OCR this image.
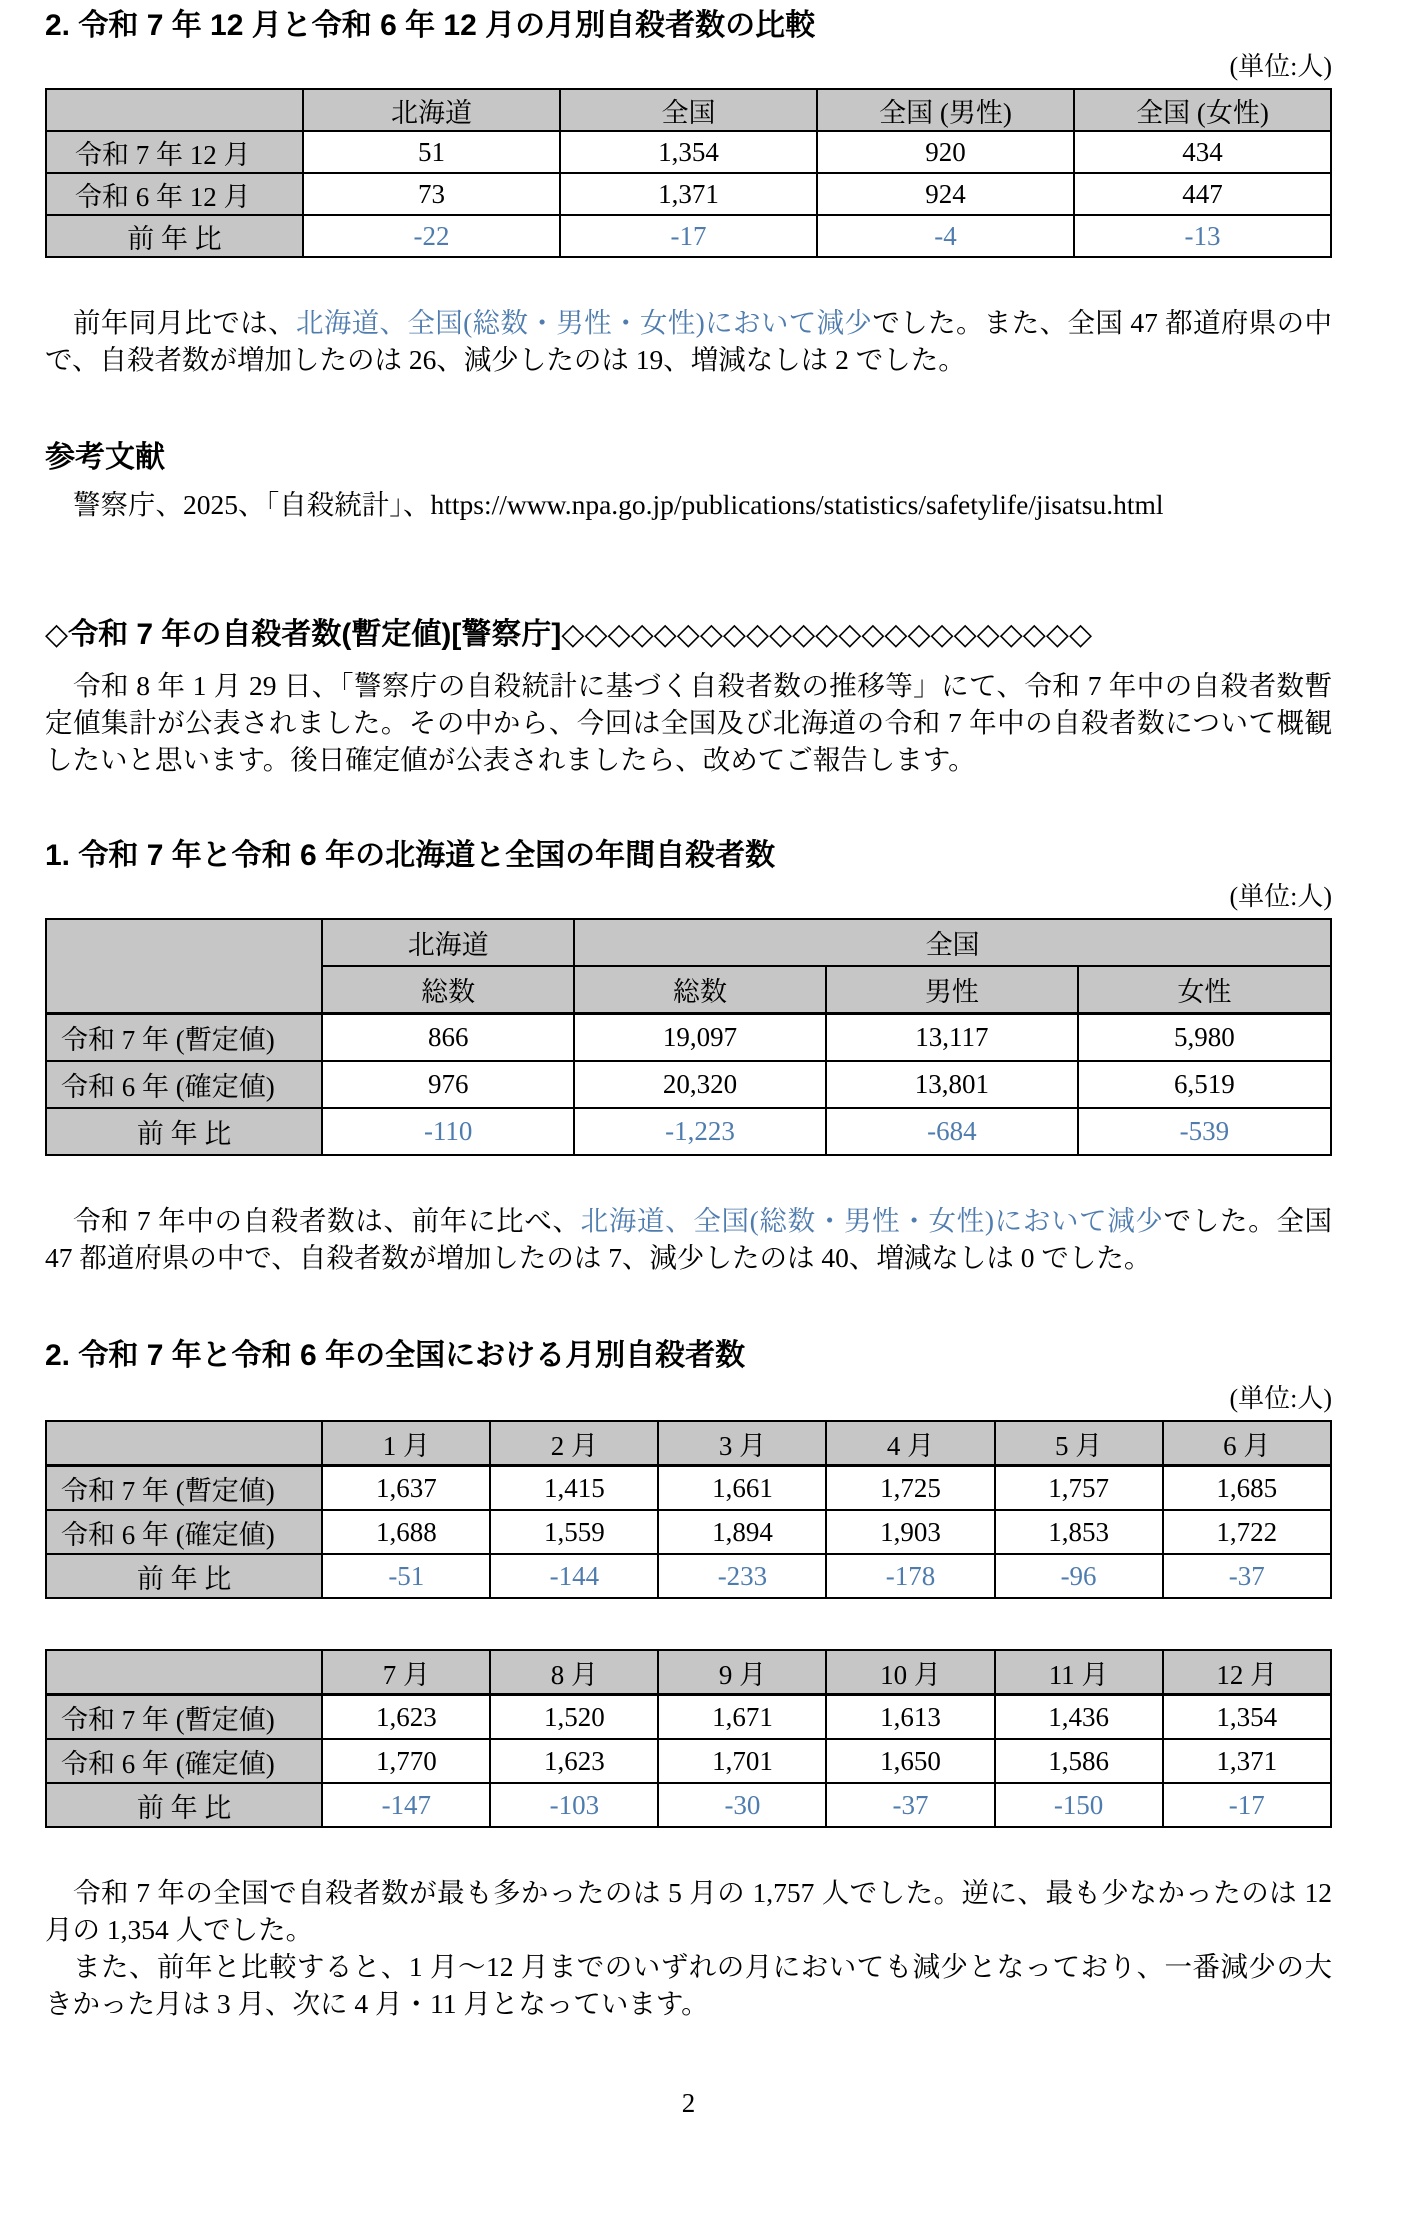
2. 令和 7 年 12 月と令和 6 年 12 月の月別自殺者数の比較
(単位:人)
	北海道	全国	全国 (男性)	全国 (女性)
令和 7 年 12 月	51	1,354	920	434
令和 6 年 12 月	73	1,371	924	447
前 年 比	-22	-17	-4	-13

前年同月比では、北海道、全国(総数・男性・女性)において減少でした。また、全国 47 都道府県の中で、自殺者数が増加したのは 26、減少したのは 19、増減なしは 2 でした。

参考文献

警察庁、2025、「自殺統計」、https://www.npa.go.jp/publications/statistics/safetylife/jisatsu.html

◇令和 7 年の自殺者数(暫定値)[警察庁]◇◇◇◇◇◇◇◇◇◇◇◇◇◇◇◇◇◇◇◇◇◇◇

令和 8 年 1 月 29 日、「警察庁の自殺統計に基づく自殺者数の推移等」にて、令和 7 年中の自殺者数暫定値集計が公表されました。その中から、今回は全国及び北海道の令和 7 年中の自殺者数について概観したいと思います。後日確定値が公表されましたら、改めてご報告します。

1. 令和 7 年と令和 6 年の北海道と全国の年間自殺者数
(単位:人)
	北海道	全国		
	総数	総数	男性	女性
令和 7 年 (暫定値)	866	19,097	13,117	5,980
令和 6 年 (確定値)	976	20,320	13,801	6,519
前 年 比	-110	-1,223	-684	-539

令和 7 年中の自殺者数は、前年に比べ、北海道、全国(総数・男性・女性)において減少でした。全国 47 都道府県の中で、自殺者数が増加したのは 7、減少したのは 40、増減なしは 0 でした。

2. 令和 7 年と令和 6 年の全国における月別自殺者数
(単位:人)
	1 月	2 月	3 月	4 月	5 月	6 月
令和 7 年 (暫定値)	1,637	1,415	1,661	1,725	1,757	1,685
令和 6 年 (確定値)	1,688	1,559	1,894	1,903	1,853	1,722
前 年 比	-51	-144	-233	-178	-96	-37
	7 月	8 月	9 月	10 月	11 月	12 月
令和 7 年 (暫定値)	1,623	1,520	1,671	1,613	1,436	1,354
令和 6 年 (確定値)	1,770	1,623	1,701	1,650	1,586	1,371
前 年 比	-147	-103	-30	-37	-150	-17

令和 7 年の全国で自殺者数が最も多かったのは 5 月の 1,757 人でした。逆に、最も少なかったのは 12 月の 1,354 人でした。

また、前年と比較すると、1 月〜12 月までのいずれの月においても減少となっており、一番減少の大きかった月は 3 月、次に 4 月・11 月となっています。

2
